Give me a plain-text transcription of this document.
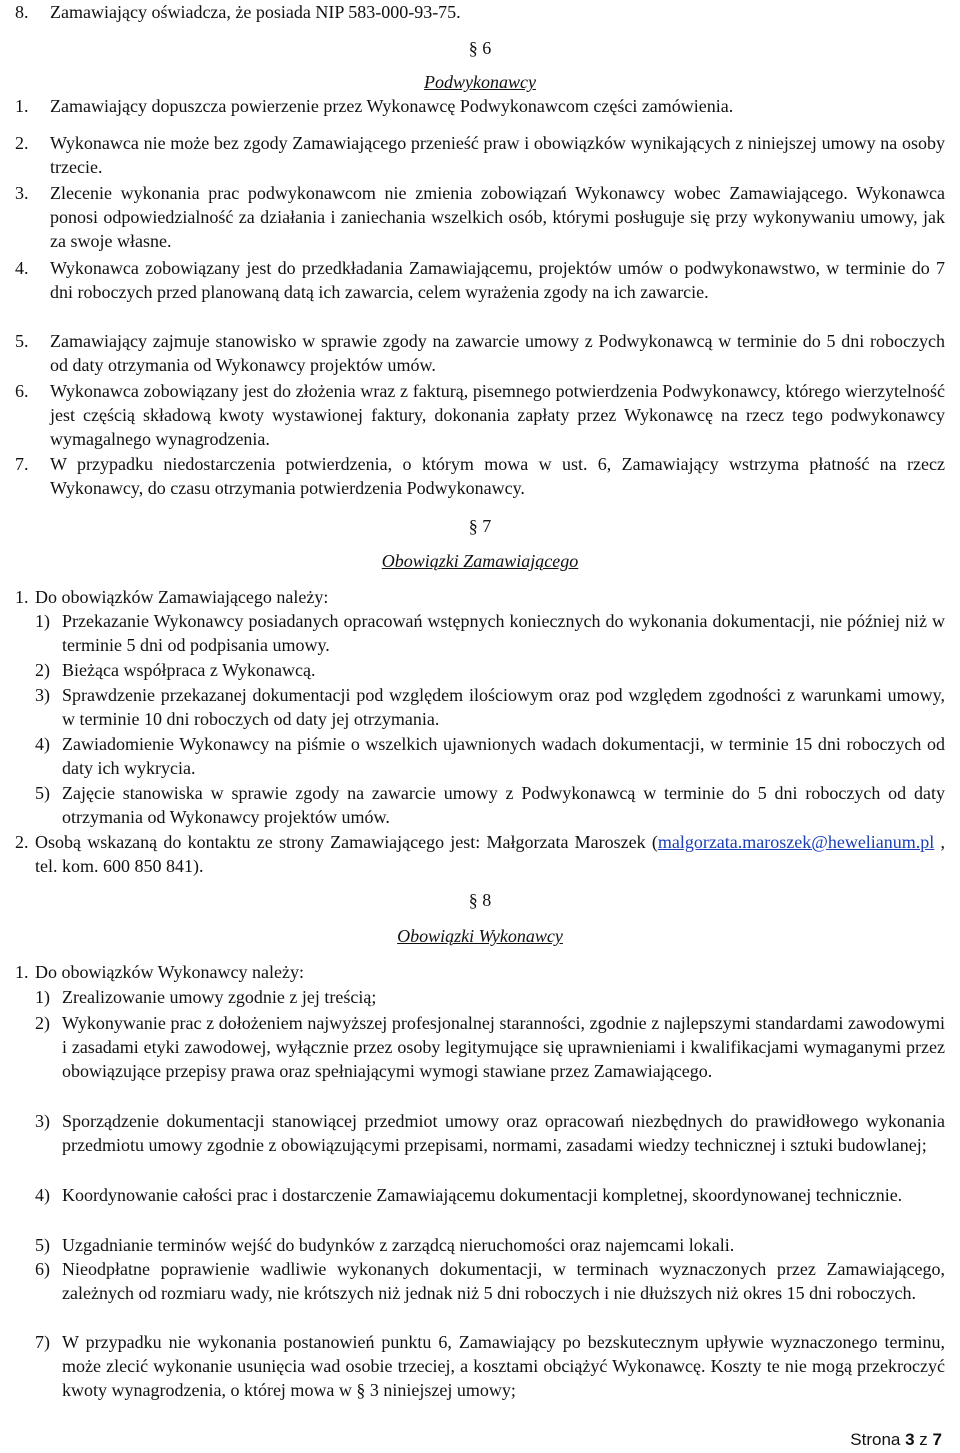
8. Zamawiający oświadcza, że posiada NIP 583-000-93-75.
§ 6
Podwykonawcy
1. Zamawiający dopuszcza powierzenie przez Wykonawcę Podwykonawcom części zamówienia.
2. Wykonawca nie może bez zgody Zamawiającego przenieść praw i obowiązków wynikających z niniejszej umowy na osoby trzecie.
3. Zlecenie wykonania prac podwykonawcom nie zmienia zobowiązań Wykonawcy wobec Zamawiającego. Wykonawca ponosi odpowiedzialność za działania i zaniechania wszelkich osób, którymi posługuje się przy wykonywaniu umowy, jak za swoje własne.
4. Wykonawca zobowiązany jest do przedkładania Zamawiającemu, projektów umów o podwykonawstwo, w terminie do 7 dni roboczych przed planowaną datą ich zawarcia, celem wyrażenia zgody na ich zawarcie.
5. Zamawiający zajmuje stanowisko w sprawie zgody na zawarcie umowy z Podwykonawcą w terminie do 5 dni roboczych od daty otrzymania od Wykonawcy projektów umów.
6. Wykonawca zobowiązany jest do złożenia wraz z fakturą, pisemnego potwierdzenia Podwykonawcy, którego wierzytelność jest częścią składową kwoty wystawionej faktury, dokonania zapłaty przez Wykonawcę na rzecz tego podwykonawcy wymagalnego wynagrodzenia.
7. W przypadku niedostarczenia potwierdzenia, o którym mowa w ust. 6, Zamawiający wstrzyma płatność na rzecz Wykonawcy, do czasu otrzymania potwierdzenia Podwykonawcy.
§ 7
Obowiązki Zamawiającego
1. Do obowiązków Zamawiającego należy:
1) Przekazanie Wykonawcy posiadanych opracowań wstępnych koniecznych do wykonania dokumentacji, nie później niż w terminie 5 dni od podpisania umowy.
2) Bieżąca współpraca z Wykonawcą.
3) Sprawdzenie przekazanej dokumentacji pod względem ilościowym oraz pod względem zgodności z warunkami umowy, w terminie 10 dni roboczych od daty jej otrzymania.
4) Zawiadomienie Wykonawcy na piśmie o wszelkich ujawnionych wadach dokumentacji, w terminie 15 dni roboczych od daty ich wykrycia.
5) Zajęcie stanowiska w sprawie zgody na zawarcie umowy z Podwykonawcą w terminie do 5 dni roboczych od daty otrzymania od Wykonawcy projektów umów.
2. Osobą wskazaną do kontaktu ze strony Zamawiającego jest: Małgorzata Maroszek (malgorzata.maroszek@hewelianum.pl , tel. kom. 600 850 841).
§ 8
Obowiązki Wykonawcy
1. Do obowiązków Wykonawcy należy:
1) Zrealizowanie umowy zgodnie z jej treścią;
2) Wykonywanie prac z dołożeniem najwyższej profesjonalnej staranności, zgodnie z najlepszymi standardami zawodowymi i zasadami etyki zawodowej, wyłącznie przez osoby legitymujące się uprawnieniami i kwalifikacjami wymaganymi przez obowiązujące przepisy prawa oraz spełniającymi wymogi stawiane przez Zamawiającego.
3) Sporządzenie dokumentacji stanowiącej przedmiot umowy oraz opracowań niezbędnych do prawidłowego wykonania przedmiotu umowy zgodnie z obowiązującymi przepisami, normami, zasadami wiedzy technicznej i sztuki budowlanej;
4) Koordynowanie całości prac i dostarczenie Zamawiającemu dokumentacji kompletnej, skoordynowanej technicznie.
5) Uzgadnianie terminów wejść do budynków z zarządcą nieruchomości oraz najemcami lokali.
6) Nieodpłatne poprawienie wadliwie wykonanych dokumentacji, w terminach wyznaczonych przez Zamawiającego, zależnych od rozmiaru wady, nie krótszych niż jednak niż 5 dni roboczych i nie dłuższych niż okres 15 dni roboczych.
7) W przypadku nie wykonania postanowień punktu 6, Zamawiający po bezskutecznym upływie wyznaczonego terminu, może zlecić wykonanie usunięcia wad osobie trzeciej, a kosztami obciążyć Wykonawcę. Koszty te nie mogą przekroczyć kwoty wynagrodzenia, o której mowa w § 3 niniejszej umowy;
Strona 3 z 7
